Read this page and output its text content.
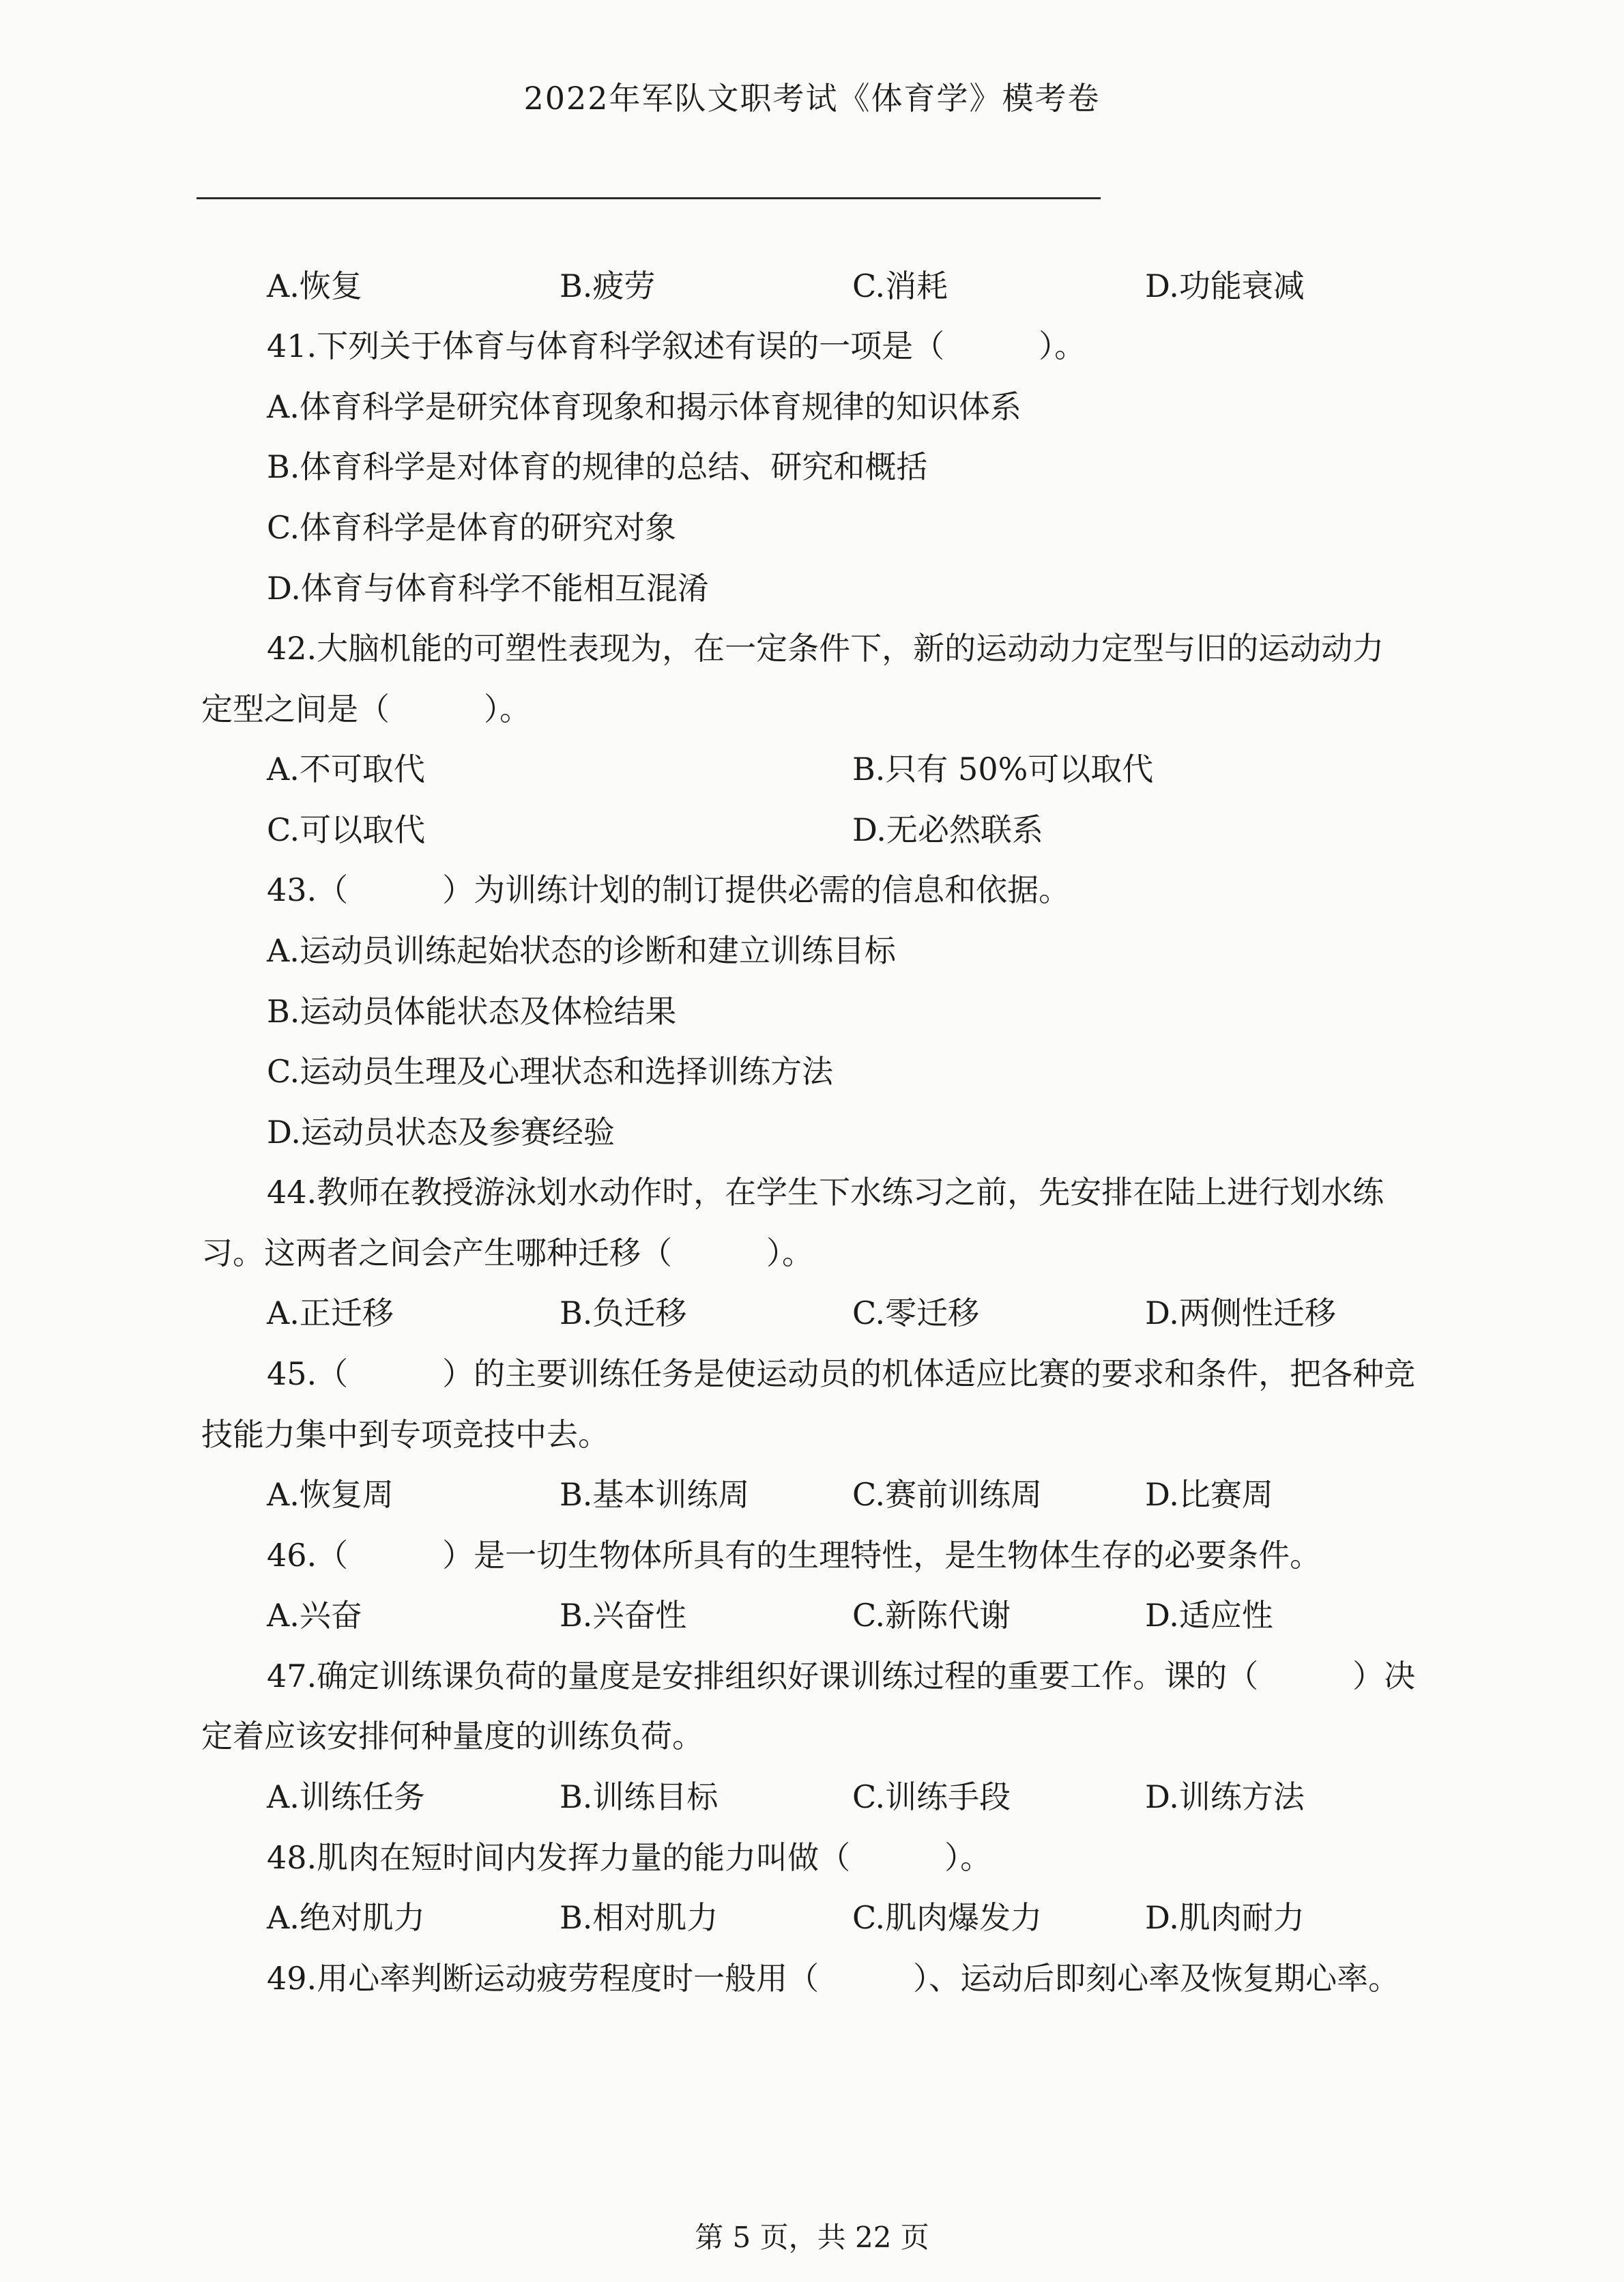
2022年军队文职考试《体育学》模考卷
A.恢复	B.疲劳	C.消耗	D.功能衰减
41.下列关于体育与体育科学叙述有误的一项是（　　　）。
A.体育科学是研究体育现象和揭示体育规律的知识体系
B.体育科学是对体育的规律的总结、研究和概括
C.体育科学是体育的研究对象
D.体育与体育科学不能相互混淆
42.大脑机能的可塑性表现为，在一定条件下，新的运动动力定型与旧的运动动力
定型之间是（　　　）。
A.不可取代	B.只有 50%可以取代
C.可以取代	D.无必然联系
43.（　　　）为训练计划的制订提供必需的信息和依据。
A.运动员训练起始状态的诊断和建立训练目标
B.运动员体能状态及体检结果
C.运动员生理及心理状态和选择训练方法
D.运动员状态及参赛经验
44.教师在教授游泳划水动作时，在学生下水练习之前，先安排在陆上进行划水练
习。这两者之间会产生哪种迁移（　　　）。
A.正迁移	B.负迁移	C.零迁移	D.两侧性迁移
45.（　　　）的主要训练任务是使运动员的机体适应比赛的要求和条件，把各种竞
技能力集中到专项竞技中去。
A.恢复周	B.基本训练周	C.赛前训练周	D.比赛周
46.（　　　）是一切生物体所具有的生理特性，是生物体生存的必要条件。
A.兴奋	B.兴奋性	C.新陈代谢	D.适应性
47.确定训练课负荷的量度是安排组织好课训练过程的重要工作。课的（　　　）决
定着应该安排何种量度的训练负荷。
A.训练任务	B.训练目标	C.训练手段	D.训练方法
48.肌肉在短时间内发挥力量的能力叫做（　　　）。
A.绝对肌力	B.相对肌力	C.肌肉爆发力	D.肌肉耐力
49.用心率判断运动疲劳程度时一般用（　　　）、运动后即刻心率及恢复期心率。
第 5 页，共 22 页
